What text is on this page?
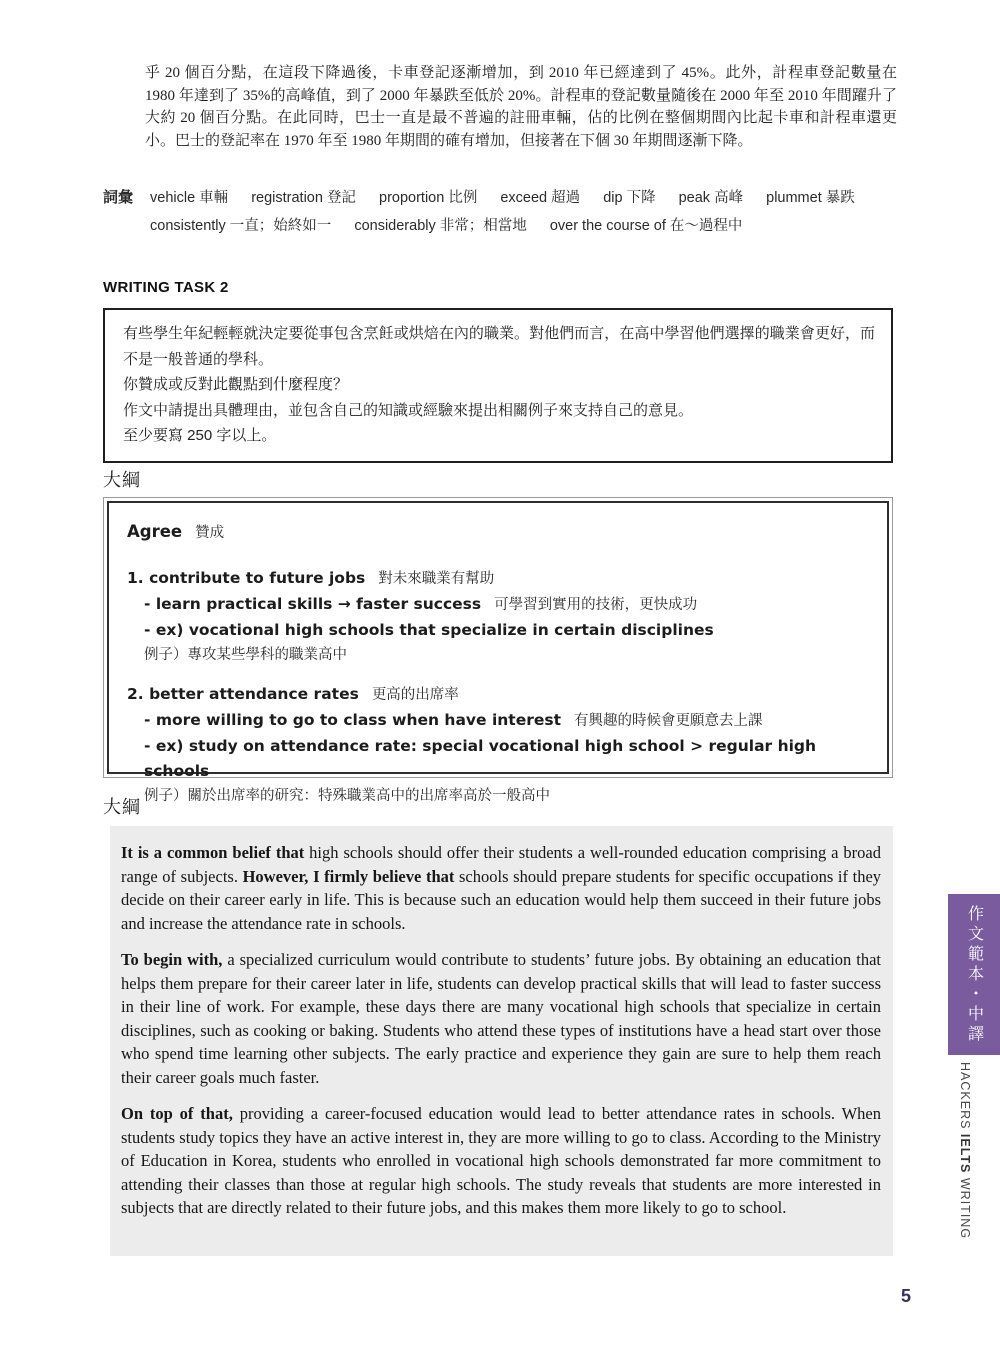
乎 20 個百分點，在這段下降過後，卡車登記逐漸增加，到 2010 年已經達到了 45%。此外，計程車登記數量在 1980 年達到了 35%的高峰值，到了 2000 年暴跌至低於 20%。計程車的登記數量隨後在 2000 年至 2010 年間躍升了大約 20 個百分點。在此同時，巴士一直是最不普遍的註冊車輛，佔的比例在整個期間內比起卡車和計程車還更小。巴士的登記率在 1970 年至 1980 年期間的確有增加，但接著在下個 30 年期間逐漸下降。

詞彙 vehicle 車輛 registration 登記 proportion 比例 exceed 超過 dip 下降 peak 高峰 plummet 暴跌
consistently 一直；始終如一 considerably 非常；相當地 over the course of 在～過程中
WRITING TASK 2

有些學生年紀輕輕就決定要從事包含烹飪或烘焙在內的職業。對他們而言，在高中學習他們選擇的職業會更好，而不是一般普通的學科。

你贊成或反對此觀點到什麼程度？

作文中請提出具體理由，並包含自己的知識或經驗來提出相關例子來支持自己的意見。

至少要寫 250 字以上。

大綱
Agree 贊成
1. contribute to future jobs 對未來職業有幫助
- learn practical skills → faster success 可學習到實用的技術，更快成功
- ex) vocational high schools that specialize in certain disciplines
例子）專攻某些學科的職業高中
2. better attendance rates 更高的出席率
- more willing to go to class when have interest 有興趣的時候會更願意去上課
- ex) study on attendance rate: special vocational high school > regular high schools
例子）關於出席率的研究：特殊職業高中的出席率高於一般高中
大綱

It is a common belief that high schools should offer their students a well-rounded education comprising a broad range of subjects. However, I firmly believe that schools should prepare students for specific occupations if they decide on their career early in life. This is because such an education would help them succeed in their future jobs and increase the attendance rate in schools.

To begin with, a specialized curriculum would contribute to students’ future jobs. By obtaining an education that helps them prepare for their career later in life, students can develop practical skills that will lead to faster success in their line of work. For example, these days there are many vocational high schools that specialize in certain disciplines, such as cooking or baking. Students who attend these types of institutions have a head start over those who spend time learning other subjects. The early practice and experience they gain are sure to help them reach their career goals much faster.

On top of that, providing a career-focused education would lead to better attendance rates in schools. When students study topics they have an active interest in, they are more willing to go to class. According to the Ministry of Education in Korea, students who enrolled in vocational high schools demonstrated far more commitment to attending their classes than those at regular high schools. The study reveals that students are more interested in subjects that are directly related to their future jobs, and this makes them more likely to go to school.

作文範本・中譯
HACKERS IELTS WRITING
5
